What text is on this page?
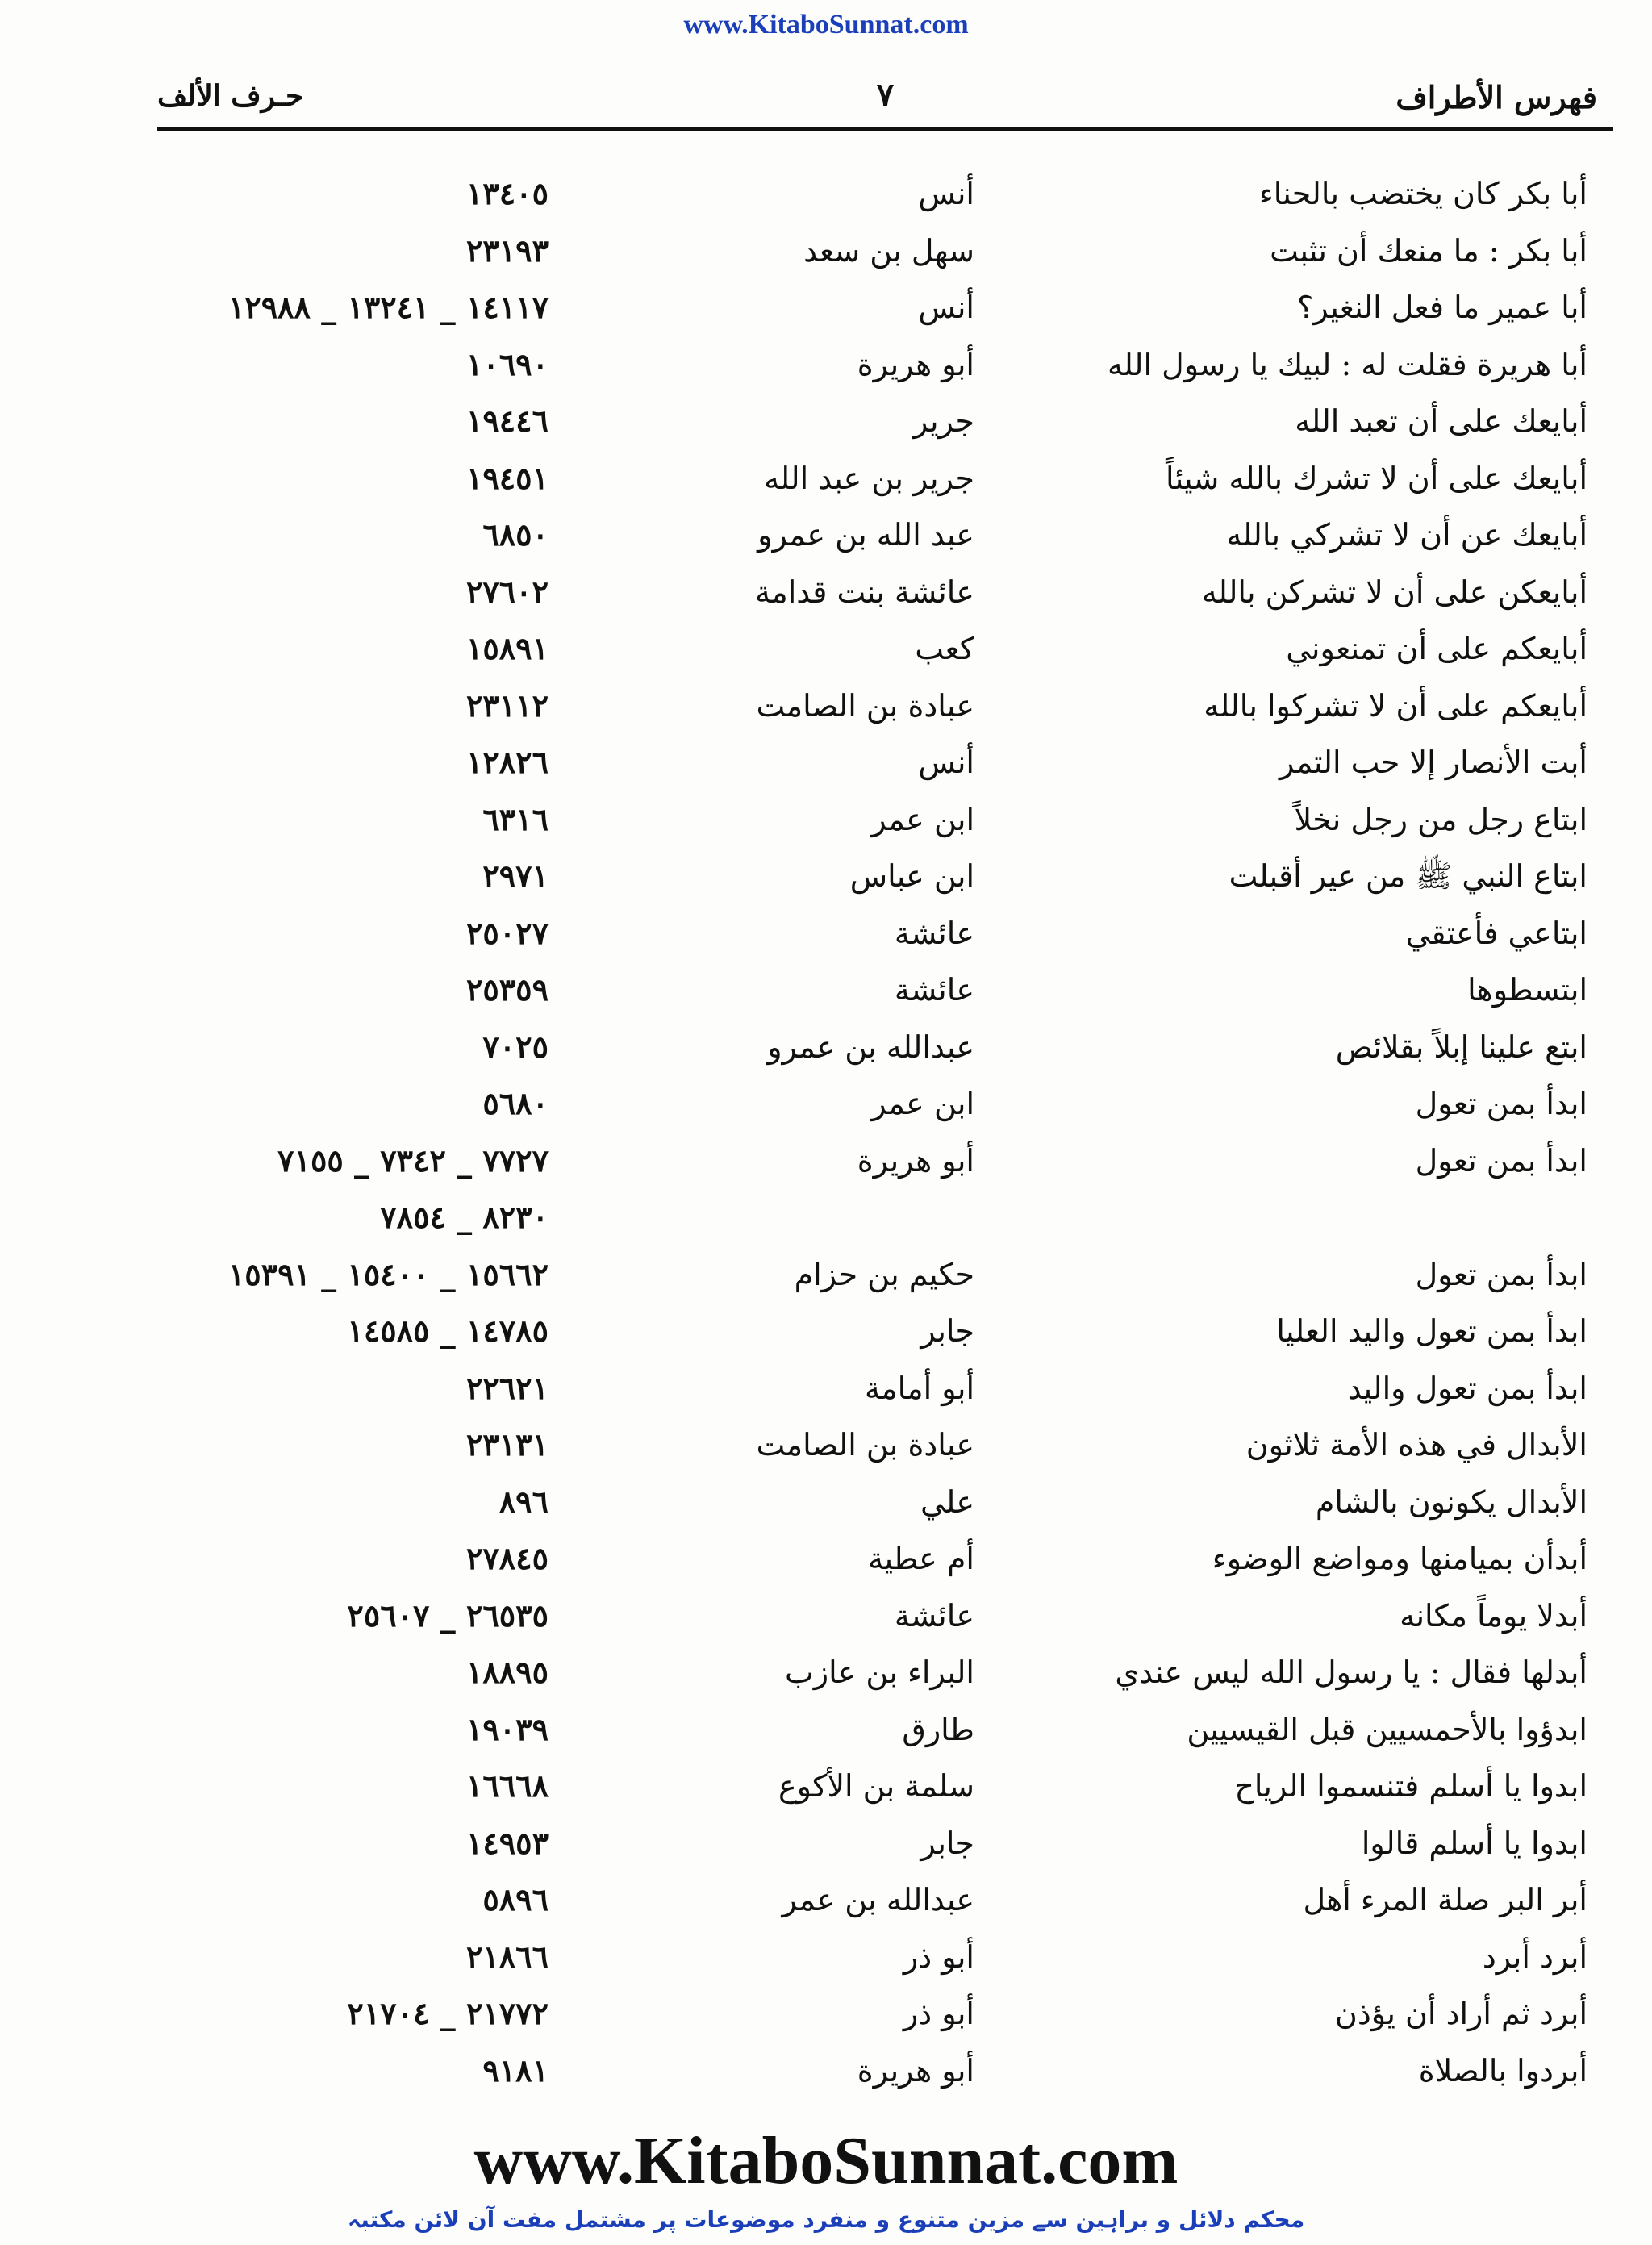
www.KitaboSunnat.com
فهرس الأطراف
٧
حـرف الألف
أبا بكر كان يختضب بالحناء
أنس
١٣٤٠٥
أبا بكر : ما منعك أن تثبت
سهل بن سعد
٢٣١٩٣
أبا عمير ما فعل النغير؟
أنس
١٤١١٧ _ ١٣٢٤١ _ ١٢٩٨٨
أبا هريرة فقلت له : لبيك يا رسول الله
أبو هريرة
١٠٦٩٠
أبايعك على أن تعبد الله
جرير
١٩٤٤٦
أبايعك على أن لا تشرك بالله شيئاً
جرير بن عبد الله
١٩٤٥١
أبايعك عن أن لا تشركي بالله
عبد الله بن عمرو
٦٨٥٠
أبايعكن على أن لا تشركن بالله
عائشة بنت قدامة
٢٧٦٠٢
أبايعكم على أن تمنعوني
كعب
١٥٨٩١
أبايعكم على أن لا تشركوا بالله
عبادة بن الصامت
٢٣١١٢
أبت الأنصار إلا حب التمر
أنس
١٢٨٢٦
ابتاع رجل من رجل نخلاً
ابن عمر
٦٣١٦
ابتاع النبي ﷺ من عير أقبلت
ابن عباس
٢٩٧١
ابتاعي فأعتقي
عائشة
٢٥٠٢٧
ابتسطوها
عائشة
٢٥٣٥٩
ابتع علينا إبلاً بقلائص
عبدالله بن عمرو
٧٠٢٥
ابدأ بمن تعول
ابن عمر
٥٦٨٠
ابدأ بمن تعول
أبو هريرة
٧٧٢٧ _ ٧٣٤٢ _ ٧١٥٥
٨٢٣٠ _ ٧٨٥٤
ابدأ بمن تعول
حكيم بن حزام
١٥٦٦٢ _ ١٥٤٠٠ _ ١٥٣٩١
ابدأ بمن تعول واليد العليا
جابر
١٤٧٨٥ _ ١٤٥٨٥
ابدأ بمن تعول واليد
أبو أمامة
٢٢٦٢١
الأبدال في هذه الأمة ثلاثون
عبادة بن الصامت
٢٣١٣١
الأبدال يكونون بالشام
علي
٨٩٦
أبدأن بميامنها ومواضع الوضوء
أم عطية
٢٧٨٤٥
أبدلا يوماً مكانه
عائشة
٢٦٥٣٥ _ ٢٥٦٠٧
أبدلها فقال : يا رسول الله ليس عندي
البراء بن عازب
١٨٨٩٥
ابدؤوا بالأحمسيين قبل القيسيين
طارق
١٩٠٣٩
ابدوا يا أسلم فتنسموا الرياح
سلمة بن الأكوع
١٦٦٦٨
ابدوا يا أسلم قالوا
جابر
١٤٩٥٣
أبر البر صلة المرء أهل
عبدالله بن عمر
٥٨٩٦
أبرد أبرد
أبو ذر
٢١٨٦٦
أبرد ثم أراد أن يؤذن
أبو ذر
٢١٧٧٢ _ ٢١٧٠٤
أبردوا بالصلاة
أبو هريرة
٩١٨١
www.KitaboSunnat.com
محکم دلائل و براہین سے مزین متنوع و منفرد موضوعات پر مشتمل مفت آن لائن مکتبہ
